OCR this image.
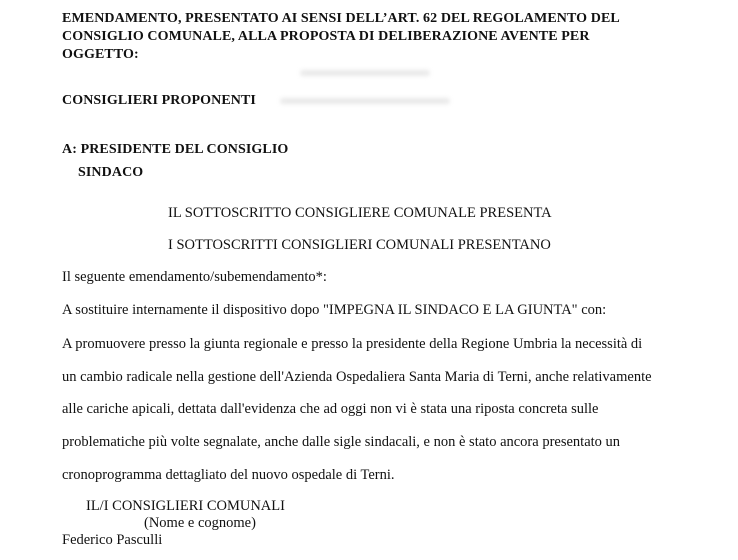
EMENDAMENTO, PRESENTATO AI SENSI DELL’ART. 62 DEL REGOLAMENTO DEL
CONSIGLIO COMUNALE, ALLA PROPOSTA DI DELIBERAZIONE AVENTE PER
OGGETTO:
CONSIGLIERI PROPONENTI
A: PRESIDENTE DEL CONSIGLIO
SINDACO
IL SOTTOSCRITTO CONSIGLIERE COMUNALE PRESENTA
I SOTTOSCRITTI CONSIGLIERI COMUNALI PRESENTANO
Il seguente emendamento/subemendamento*:
A sostituire internamente il dispositivo dopo "IMPEGNA IL SINDACO E LA GIUNTA" con:
A promuovere presso la giunta regionale e presso la presidente della Regione Umbria la necessità di
un cambio radicale nella gestione dell'Azienda Ospedaliera Santa Maria di Terni, anche relativamente
alle cariche apicali, dettata dall'evidenza che ad oggi non vi è stata una riposta concreta sulle
problematiche più volte segnalate, anche dalle sigle sindacali, e non è stato ancora presentato un
cronoprogramma dettagliato del nuovo ospedale di Terni.
IL/I CONSIGLIERI COMUNALI
(Nome e cognome)
Federico Pasculli
